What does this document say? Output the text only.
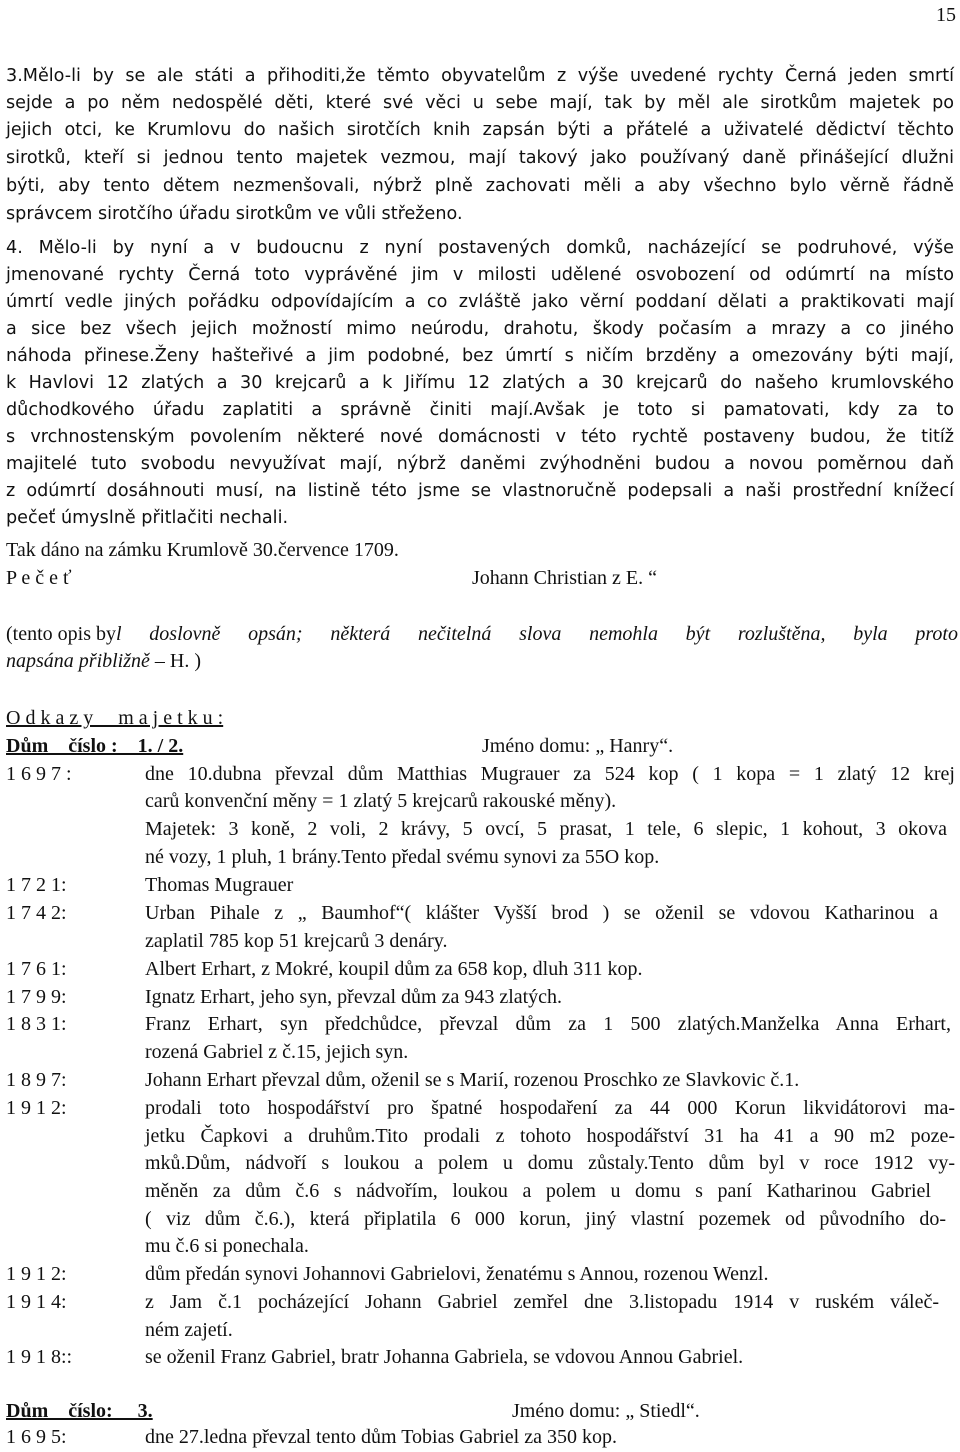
15
3.Mělo-li by se ale státi a přihoditi,že těmto obyvatelům z výše uvedené rychty Černá jeden smrtí
sejde a po něm nedospělé děti, které své věci u sebe mají, tak by měl ale sirotkům majetek po
jejich otci, ke Krumlovu do našich sirotčích knih zapsán býti a přátelé a uživatelé dědictví těchto
sirotků, kteří si jednou tento majetek vezmou, mají takový jako používaný daně přinášející dlužni
býti, aby tento dětem nezmenšovali, nýbrž plně zachovati měli a aby všechno bylo věrně řádně
správcem sirotčího úřadu sirotkům ve vůli střeženo.
4. Mělo-li by nyní a v budoucnu z nyní postavených domků, nacházející se podruhové, výše
jmenované rychty Černá toto vyprávěné jim v milosti udělené osvobození od odúmrtí na místo
úmrtí vedle jiných pořádku odpovídajícím a co zvláště jako věrní poddaní dělati a praktikovati mají
a sice bez všech jejich možností mimo neúrodu, drahotu, škody počasím a mrazy a co jiného
náhoda přinese.Ženy hašteřivé a jim podobné, bez úmrtí s ničím brzděny a omezovány býti mají,
k Havlovi 12 zlatých a 30 krejcarů a k Jiřímu 12 zlatých a 30 krejcarů do našeho krumlovského
důchodkového úřadu zaplatiti a správně činiti mají.Avšak je toto si pamatovati, kdy za to
s vrchnostenským povolením některé nové domácnosti v této rychtě postaveny budou, že titíž
majitelé tuto svobodu nevyužívat mají, nýbrž daněmi zvýhodněni budou a novou poměrnou daň
z odúmrtí dosáhnouti musí, na listině této jsme se vlastnoručně podepsali a naši prostřední knížecí
pečeť úmyslně přitlačiti nechali.
Tak dáno na zámku Krumlově 30.července 1709.
P e č e ť	Johann Christian z E. “
(tento opis by l doslovně opsán; některá nečitelná slova nemohla být rozluštěna, byla proto
napsána přibližně – H. )
O d k a z y     m a j e t k u :
Dům    číslo :    1. / 2.	Jméno domu: „ Hanry“.
1 6 9 7 :	dne 10.dubna převzal dům Matthias Mugrauer za 524 kop ( 1 kopa = 1 zlatý 12 krej
carů konvenční měny = 1 zlatý 5 krejcarů rakouské měny).
Majetek: 3 koně, 2 voli, 2 krávy, 5 ovcí, 5 prasat, 1 tele, 6 slepic, 1 kohout, 3 okova
né vozy, 1 pluh, 1 brány.Tento předal svému synovi za 55O kop.
1 7 2 1:	Thomas Mugrauer
1 7 4 2:	Urban Pihale z „ Baumhof“( klášter Vyšší brod ) se oženil se vdovou Katharinou a
zaplatil 785 kop 51 krejcarů 3 denáry.
1 7 6 1:	Albert Erhart, z Mokré, koupil dům za 658 kop, dluh 311 kop.
1 7 9 9:	Ignatz Erhart, jeho syn, převzal dům za 943 zlatých.
1 8 3 1:	Franz Erhart, syn předchůdce, převzal dům za 1 500 zlatých.Manželka Anna Erhart,
rozená Gabriel z č.15, jejich syn.
1 8 9 7:	Johann Erhart převzal dům, oženil se s Marií, rozenou Proschko ze Slavkovic č.1.
1 9 1 2:	prodali toto hospodářství pro špatné hospodaření za 44 000 Korun likvidátorovi ma-
jetku Čapkovi a druhům.Tito prodali z tohoto hospodářství 31 ha 41 a 90 m2 poze-
mků.Dům, nádvoří s loukou a polem u domu zůstaly.Tento dům byl v roce 1912 vy-
měněn za dům č.6 s nádvořím, loukou a polem u domu s paní Katharinou Gabriel
( viz dům č.6.), která připlatila 6 000 korun, jiný vlastní pozemek od původního do-
mu č.6 si ponechala.
1 9 1 2:	dům předán synovi Johannovi Gabrielovi, ženatému s Annou, rozenou Wenzl.
1 9 1 4:	z Jam č.1 pocházející Johann Gabriel zemřel dne 3.listopadu 1914 v ruském váleč-
ném zajetí.
1 9 1 8::	se oženil Franz Gabriel, bratr Johanna Gabriela, se vdovou Annou Gabriel.
Dům    číslo:     3.	Jméno domu: „ Stiedl“.
1 6 9 5:	dne 27.ledna převzal tento dům Tobias Gabriel za 350 kop.
